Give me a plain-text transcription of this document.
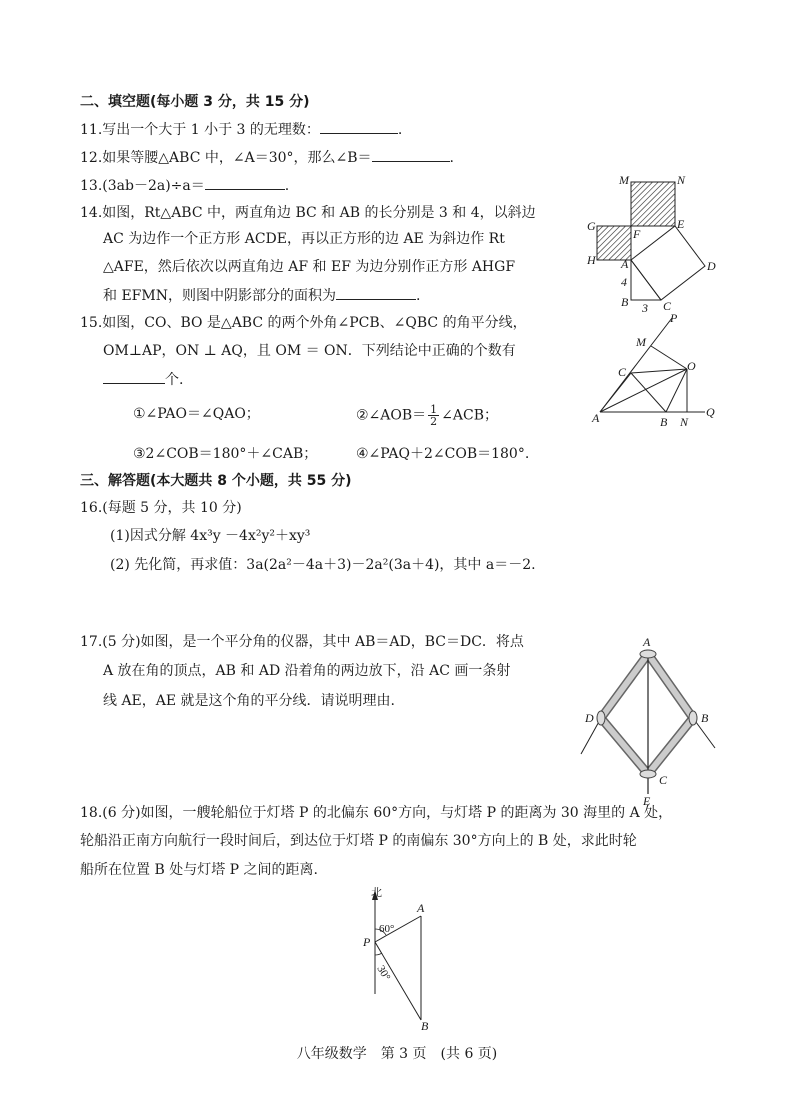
二、填空题(每小题 3 分，共 15 分)
11.写出一个大于 1 小于 3 的无理数：	.
12.如果等腰△ABC 中，∠A＝30°，那么∠B＝	.
13.(3ab－2a)÷a＝	.
14.如图，Rt△ABC 中，两直角边 BC 和 AB 的长分别是 3 和 4，以斜边
AC 为边作一个正方形 ACDE，再以正方形的边 AE 为斜边作 Rt
△AFE，然后依次以两直角边 AF 和 EF 为边分别作正方形 AHGF
和 EFMN，则图中阴影部分的面积为	.
M	N
G
F
E
H A	D
4
B 3 C
15.如图，CO、BO 是△ABC 的两个外角∠PCB、∠QBC 的角平分线，
OM⊥AP，ON ⊥ AQ，且 OM ＝ ON．下列结论中正确的个数有
个.
①∠PAO＝∠QAO；	②∠AOB＝ $\frac{1}{2}$ ∠ACB；
③2∠COB＝180°＋∠CAB；	④∠PAQ＋2∠COB＝180°.
P
M
O
C
A	B N
Q
三、解答题(本大题共 8 个小题，共 55 分)
16.(每题 5 分，共 10 分)
(1)因式分解 4x³y －4x²y²＋xy³
(2) 先化简，再求值：3a(2a²－4a＋3)－2a²(3a＋4)，其中 a＝－2.
17.(5 分)如图，是一个平分角的仪器，其中 AB＝AD，BC＝DC．将点
A 放在角的顶点，AB 和 AD 沿着角的两边放下，沿 AC 画一条射
线 AE，AE 就是这个角的平分线．请说明理由.
A
D	B
C
E
18.(6 分)如图，一艘轮船位于灯塔 P 的北偏东 60°方向，与灯塔 P 的距离为 30 海里的 A 处，
轮船沿正南方向航行一段时间后，到达位于灯塔 P 的南偏东 30°方向上的 B 处，求此时轮
船所在位置 B 处与灯塔 P 之间的距离.
北
A
60°
P
30°
B
八年级数学　第 3 页　(共 6 页)
